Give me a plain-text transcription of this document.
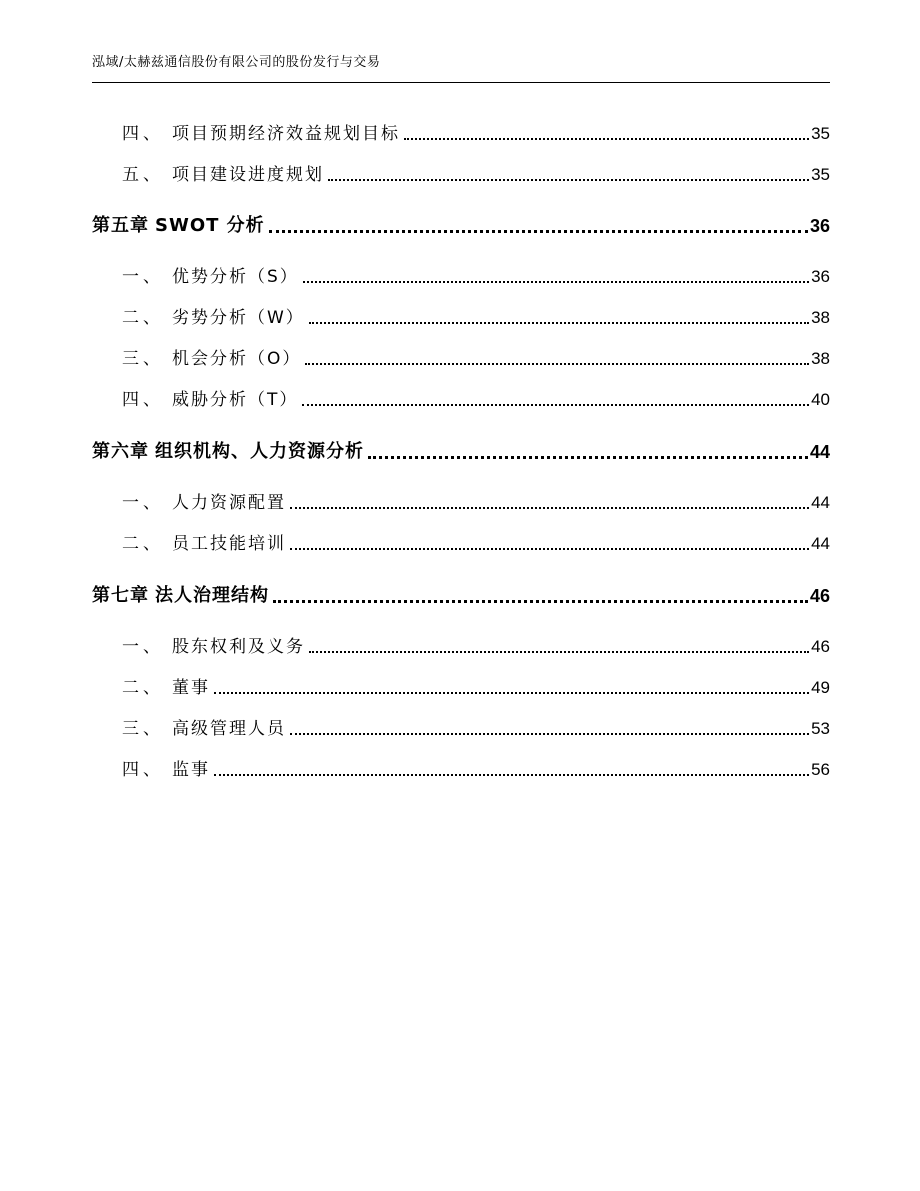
泓域/太赫兹通信股份有限公司的股份发行与交易
四、 项目预期经济效益规划目标	35
五、 项目建设进度规划	35
第五章 SWOT 分析	36
一、 优势分析（S）	36
二、 劣势分析（W）	38
三、 机会分析（O）	38
四、 威胁分析（T）	40
第六章 组织机构、人力资源分析	44
一、 人力资源配置	44
二、 员工技能培训	44
第七章 法人治理结构	46
一、 股东权利及义务	46
二、 董事	49
三、 高级管理人员	53
四、 监事	56
